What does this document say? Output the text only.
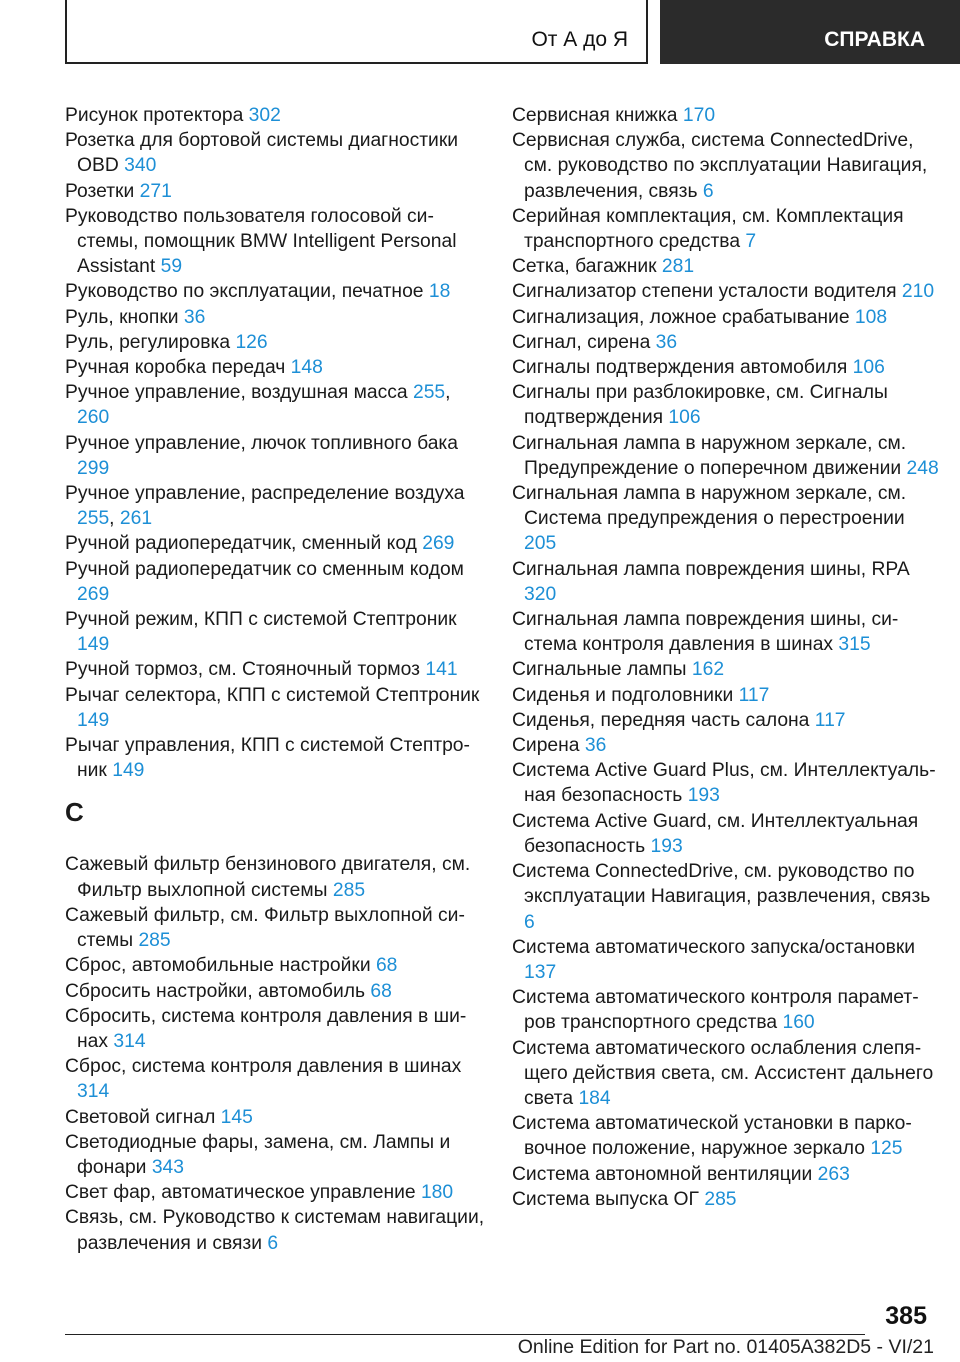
От А до Я	СПРАВКА

Рисунок протектора 302

Розетка для бортовой системы диагностики OBD 340

Розетки 271

Руководство пользователя голосовой системы, помощник BMW Intelligent Personal Assistant 59

Руководство по эксплуатации, печатное 18

Руль, кнопки 36

Руль, регулировка 126

Ручная коробка передач 148

Ручное управление, воздушная масса 255, 260

Ручное управление, лючок топливного бака 299

Ручное управление, распределение воздуха 255, 261

Ручной радиопередатчик, сменный код 269

Ручной радиопередатчик со сменным кодом 269

Ручной режим, КПП с системой Стептроник 149

Ручной тормоз, см. Стояночный тормоз 141

Рычаг селектора, КПП с системой Стептроник 149

Рычаг управления, КПП с системой Стептроник 149

С

Сажевый фильтр бензинового двигателя, см. Фильтр выхлопной системы 285

Сажевый фильтр, см. Фильтр выхлопной системы 285

Сброс, автомобильные настройки 68

Сбросить настройки, автомобиль 68

Сбросить, система контроля давления в шинах 314

Сброс, система контроля давления в шинах 314

Световой сигнал 145

Светодиодные фары, замена, см. Лампы и фонари 343

Свет фар, автоматическое управление 180

Связь, см. Руководство к системам навигации, развлечения и связи 6

Сервисная книжка 170

Сервисная служба, система ConnectedDrive, см. руководство по эксплуатации Навигация, развлечения, связь 6

Серийная комплектация, см. Комплектация транспортного средства 7

Сетка, багажник 281

Сигнализатор степени усталости водителя 210

Сигнализация, ложное срабатывание 108

Сигнал, сирена 36

Сигналы подтверждения автомобиля 106

Сигналы при разблокировке, см. Сигналы подтверждения 106

Сигнальная лампа в наружном зеркале, см. Предупреждение о поперечном движении 248

Сигнальная лампа в наружном зеркале, см. Система предупреждения о перестроении 205

Сигнальная лампа повреждения шины, RPA 320

Сигнальная лампа повреждения шины, система контроля давления в шинах 315

Сигнальные лампы 162

Сиденья и подголовники 117

Сиденья, передняя часть салона 117

Сирена 36

Система Active Guard Plus, см. Интеллектуальная безопасность 193

Система Active Guard, см. Интеллектуальная безопасность 193

Система ConnectedDrive, см. руководство по эксплуатации Навигация, развлечения, связь 6

Система автоматического запуска/остановки 137

Система автоматического контроля параметров транспортного средства 160

Система автоматического ослабления слепящего действия света, см. Ассистент дальнего света 184

Система автоматической установки в парковочное положение, наружное зеркало 125

Система автономной вентиляции 263

Система выпуска ОГ 285

385
Online Edition for Part no. 01405A382D5 - VI/21
